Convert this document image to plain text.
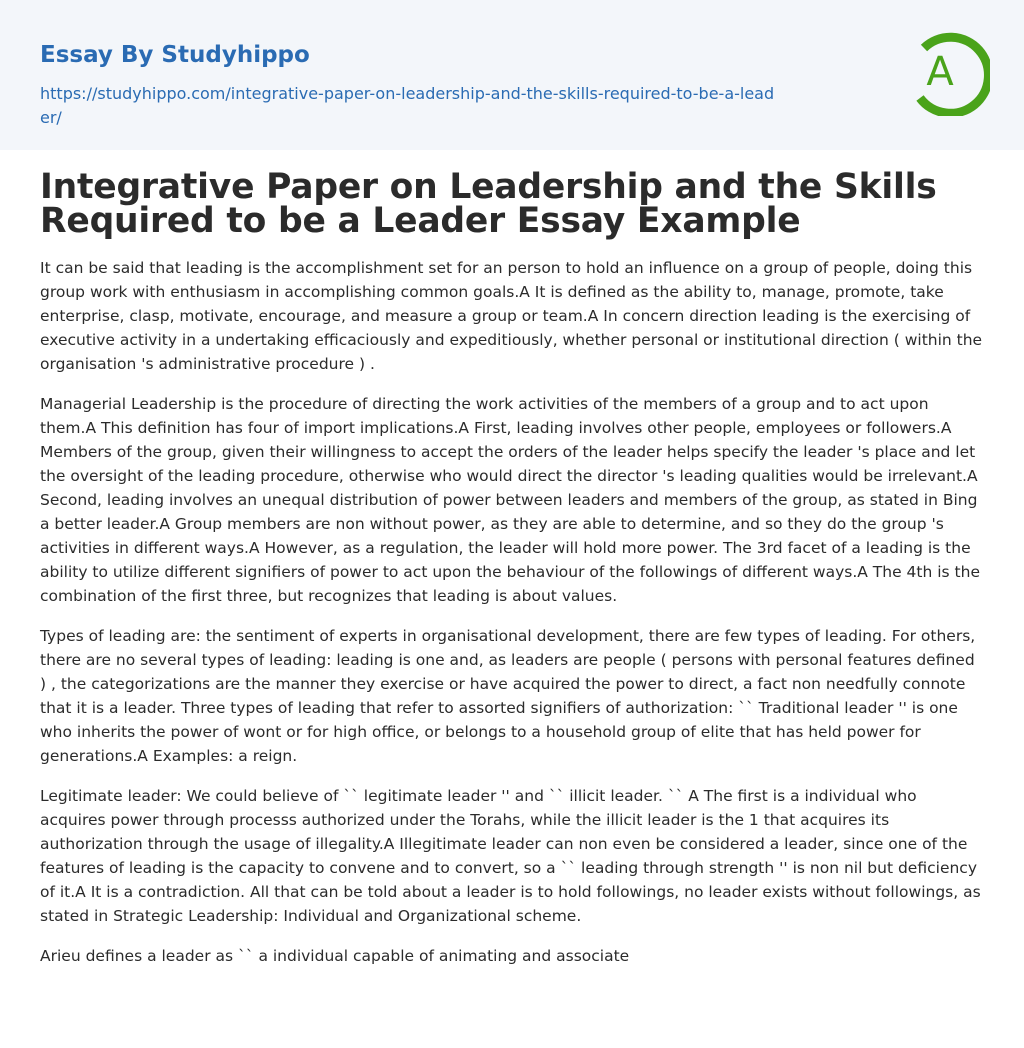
Essay By Studyhippo
https://studyhippo.com/integrative-paper-on-leadership-and-the-skills-required-to-be-a-leader/
A
Integrative Paper on Leadership and the Skills Required to be a Leader Essay Example

It can be said that leading is the accomplishment set for an person to hold an influence on a group of people, doing this group work with enthusiasm in accomplishing common goals.A It is defined as the ability to, manage, promote, take enterprise, clasp, motivate, encourage, and measure a group or team.A In concern direction leading is the exercising of executive activity in a undertaking efficaciously and expeditiously, whether personal or institutional direction ( within the organisation 's administrative procedure ) .

Managerial Leadership is the procedure of directing the work activities of the members of a group and to act upon them.A This definition has four of import implications.A First, leading involves other people, employees or followers.A Members of the group, given their willingness to accept the orders of the leader helps specify the leader 's place and let the oversight of the leading procedure, otherwise who would direct the director 's leading qualities would be irrelevant.A Second, leading involves an unequal distribution of power between leaders and members of the group, as stated in Bing a better leader.A Group members are non without power, as they are able to determine, and so they do the group 's activities in different ways.A However, as a regulation, the leader will hold more power. The 3rd facet of a leading is the ability to utilize different signifiers of power to act upon the behaviour of the followings of different ways.A The 4th is the combination of the first three, but recognizes that leading is about values.

Types of leading are: the sentiment of experts in organisational development, there are few types of leading. For others, there are no several types of leading: leading is one and, as leaders are people ( persons with personal features defined ) , the categorizations are the manner they exercise or have acquired the power to direct, a fact non needfully connote that it is a leader. Three types of leading that refer to assorted signifiers of authorization: `` Traditional leader '' is one who inherits the power of wont or for high office, or belongs to a household group of elite that has held power for generations.A Examples: a reign.

Legitimate leader: We could believe of `` legitimate leader '' and `` illicit leader. `` A The first is a individual who acquires power through processs authorized under the Torahs, while the illicit leader is the 1 that acquires its authorization through the usage of illegality.A Illegitimate leader can non even be considered a leader, since one of the features of leading is the capacity to convene and to convert, so a `` leading through strength '' is non nil but deficiency of it.A It is a contradiction. All that can be told about a leader is to hold followings, no leader exists without followings, as stated in Strategic Leadership: Individual and Organizational scheme.

Arieu defines a leader as `` a individual capable of animating and associate
